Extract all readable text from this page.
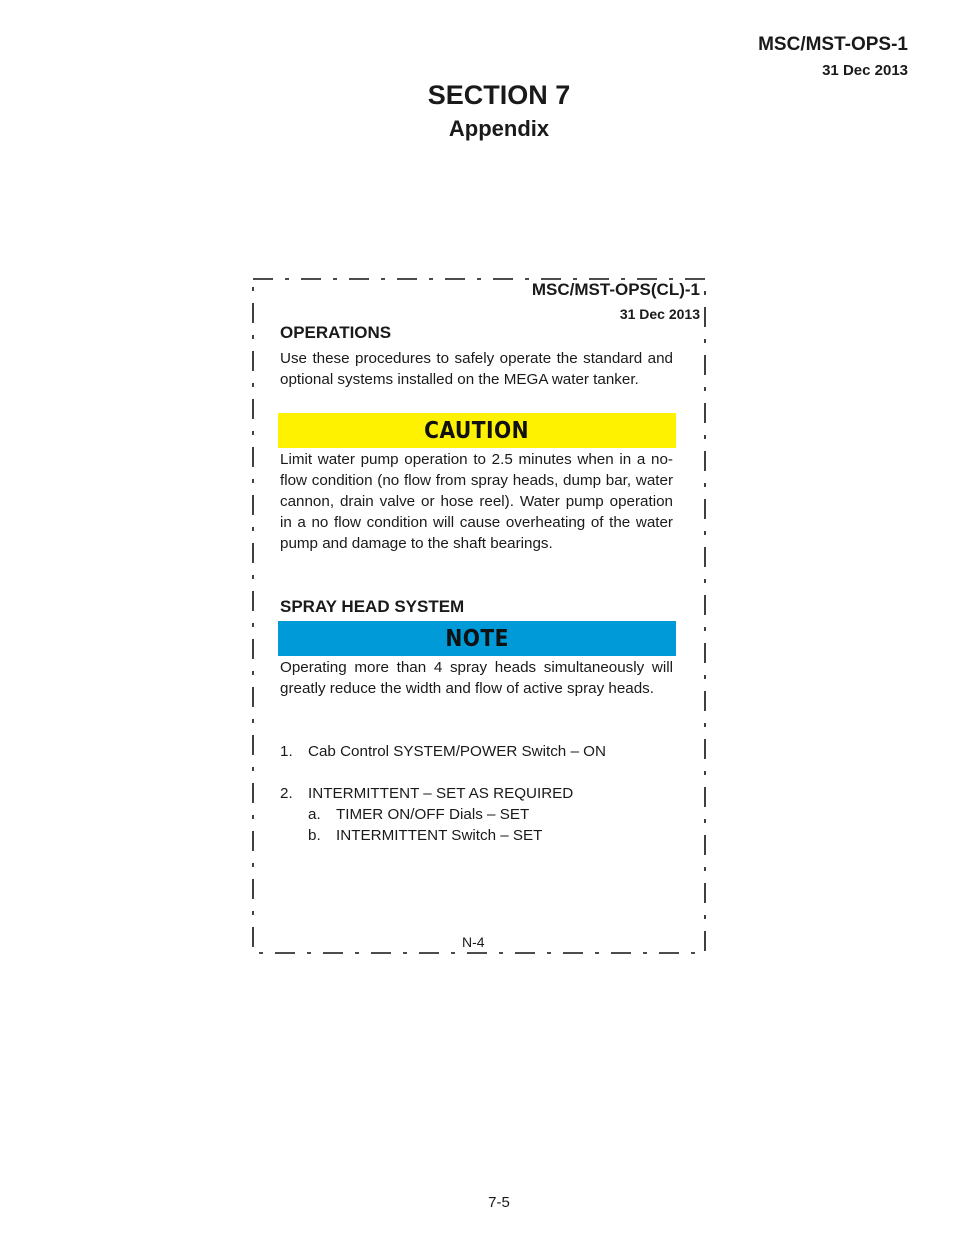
MSC/MST-OPS-1
31 Dec 2013
SECTION 7
Appendix
MSC/MST-OPS(CL)-1
31 Dec 2013
OPERATIONS
Use these procedures to safely operate the standard and optional systems installed on the MEGA water tanker.
CAUTION
Limit water pump operation to 2.5 minutes when in a no-flow condition (no flow from spray heads, dump bar, water cannon, drain valve or hose reel). Water pump operation in a no flow condition will cause overheating of the water pump and damage to the shaft bearings.
SPRAY HEAD SYSTEM
NOTE
Operating more than 4 spray heads simultaneously will greatly reduce the width and flow of active spray heads.
1. Cab Control SYSTEM/POWER Switch – ON
2. INTERMITTENT – SET AS REQUIRED
a. TIMER ON/OFF Dials – SET
b. INTERMITTENT Switch – SET
N-4
7-5
